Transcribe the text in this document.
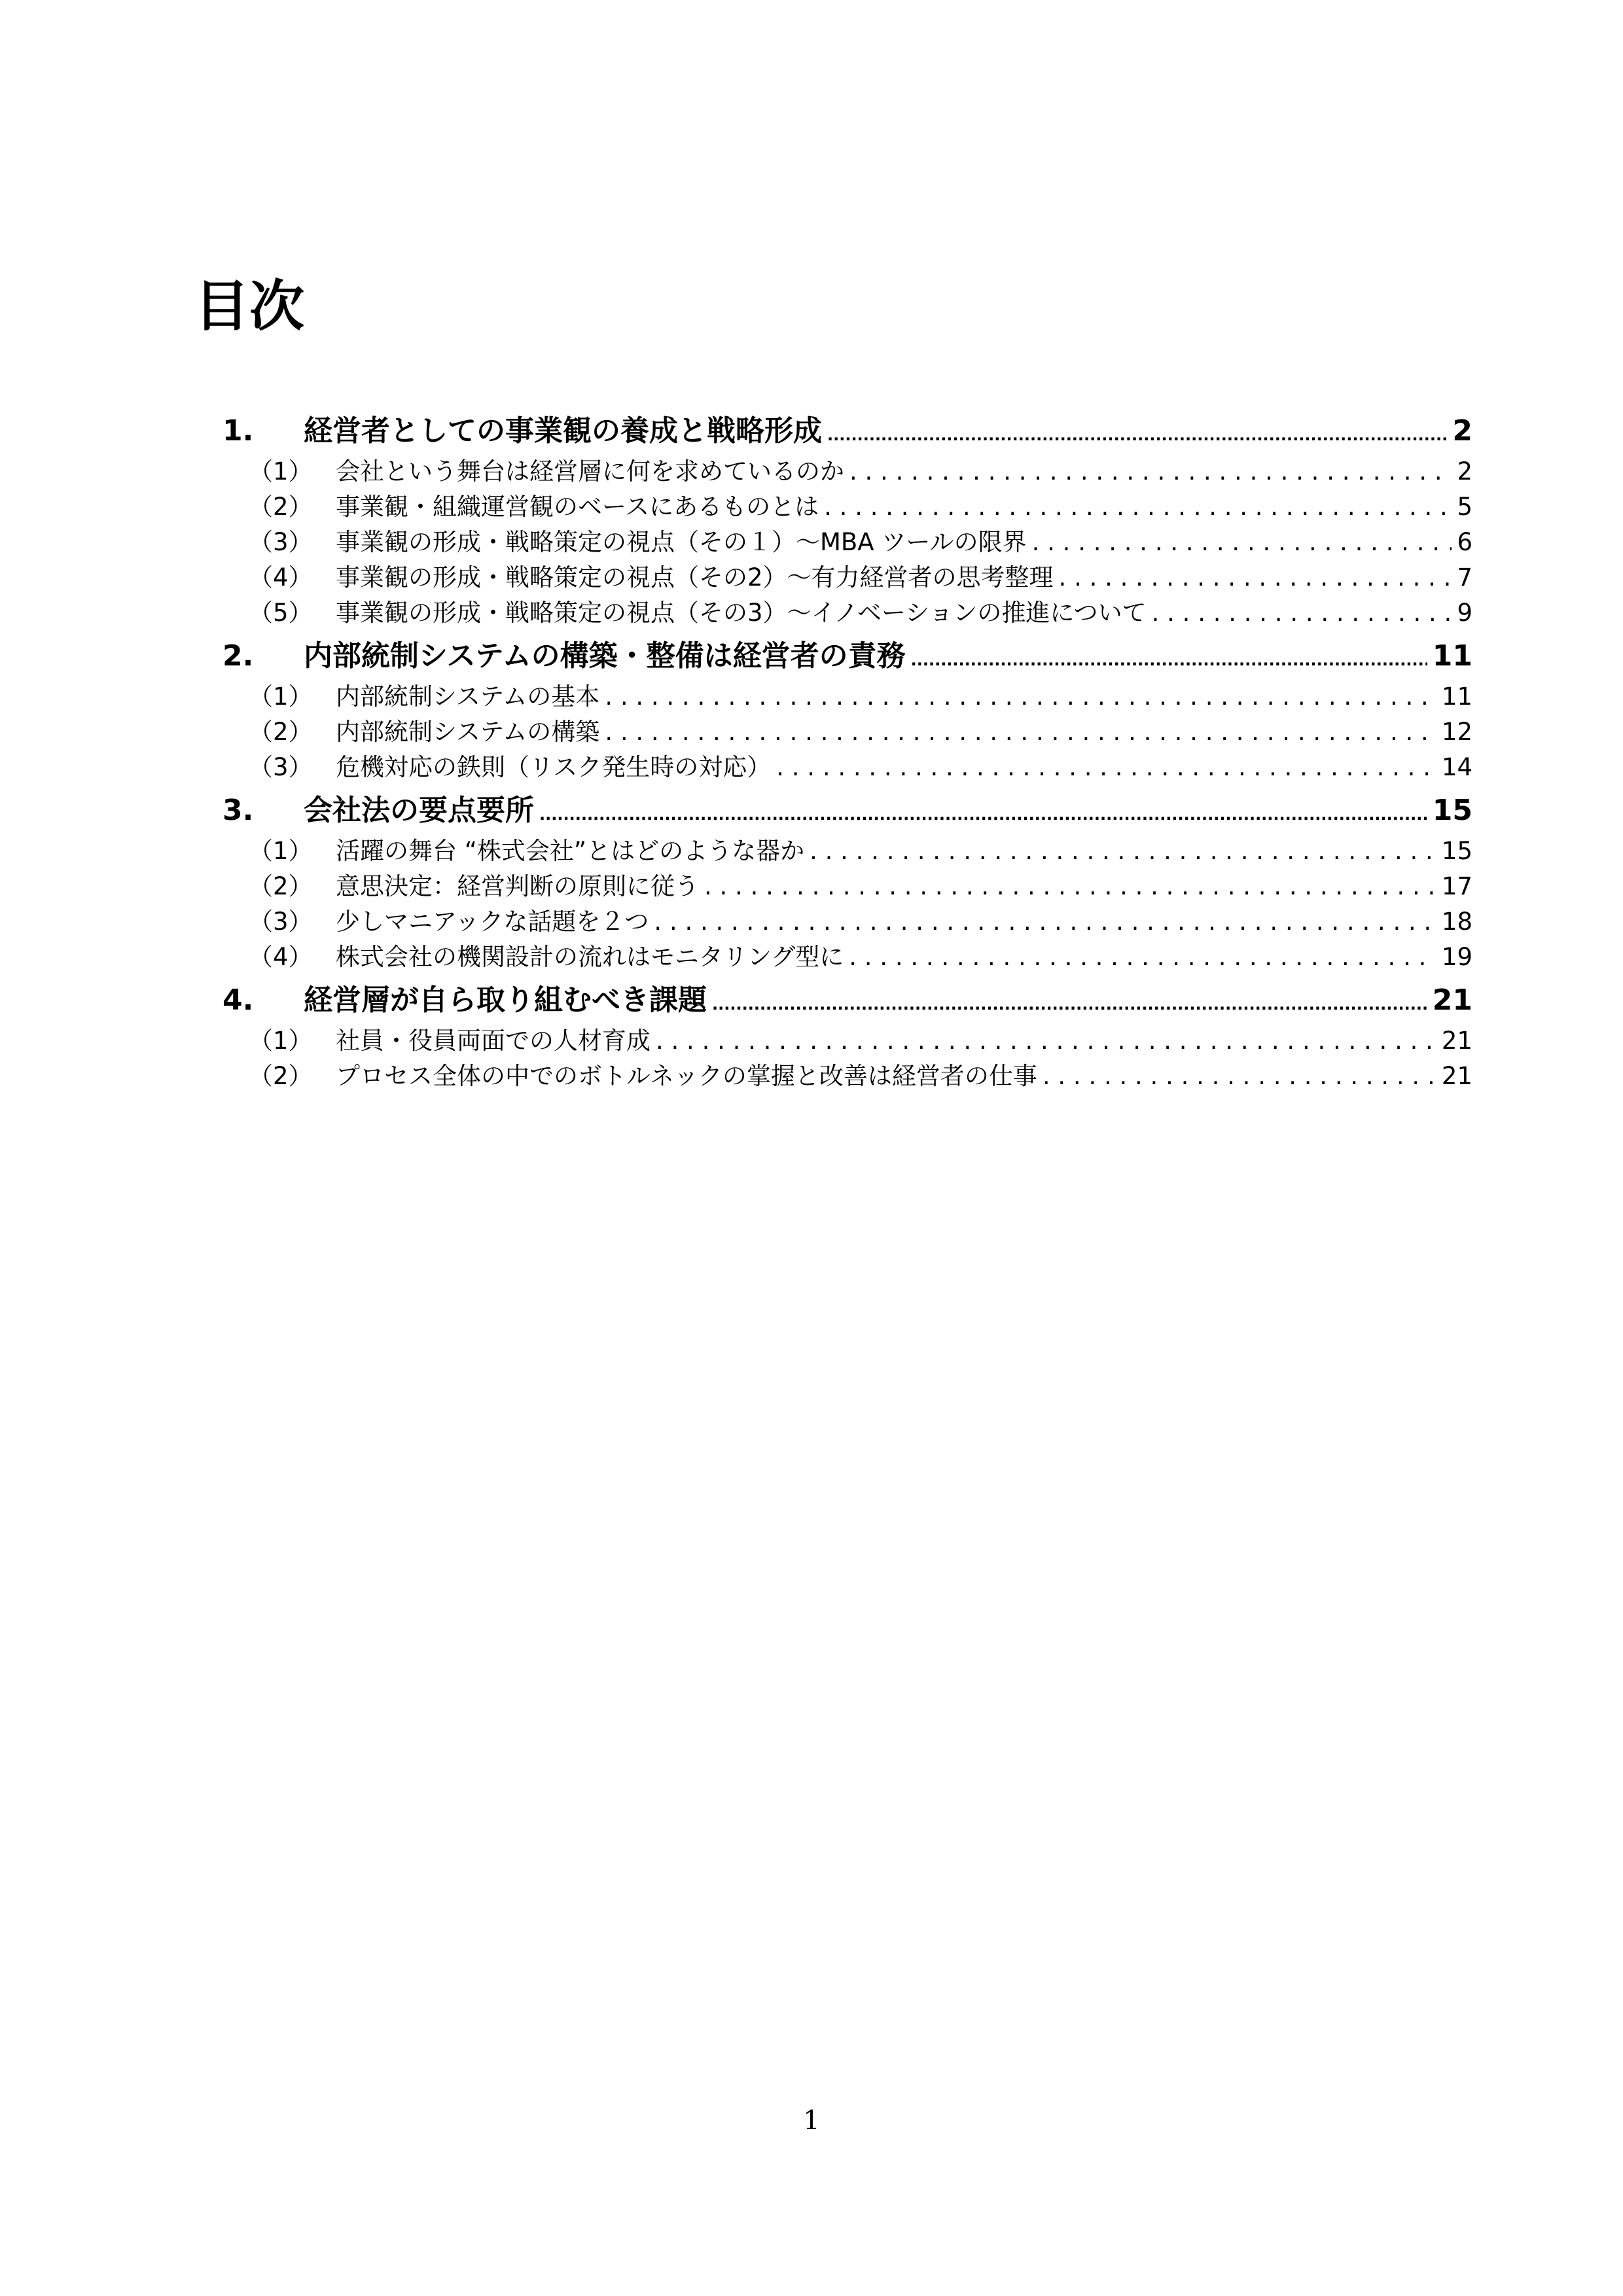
目次
1.	経営者としての事業観の養成と戦略形成 .....	2
（1） 会社という舞台は経営層に何を求めているのか . . .	2
（2） 事業観・組織運営観のベースにあるものとは . . .	5
（3） 事業観の形成・戦略策定の視点（その１）～MBA ツールの限界 . . .	6
（4） 事業観の形成・戦略策定の視点（その2）～有力経営者の思考整理 . . .	7
（5） 事業観の形成・戦略策定の視点（その3）～イノベーションの推進について . . .	9
2.	内部統制システムの構築・整備は経営者の責務 .....	11
（1） 内部統制システムの基本 . . .	11
（2） 内部統制システムの構築 . . .	12
（3） 危機対応の鉄則（リスク発生時の対応） . . .	14
3.	会社法の要点要所 .....	15
（1） 活躍の舞台 “株式会社”とはどのような器か . . .	15
（2） 意思決定：経営判断の原則に従う . . .	17
（3） 少しマニアックな話題を２つ . . .	18
（4） 株式会社の機関設計の流れはモニタリング型に . . .	19
4.	経営層が自ら取り組むべき課題 .....	21
（1） 社員・役員両面での人材育成 . . .	21
（2） プロセス全体の中でのボトルネックの掌握と改善は経営者の仕事 . . .	21
1
